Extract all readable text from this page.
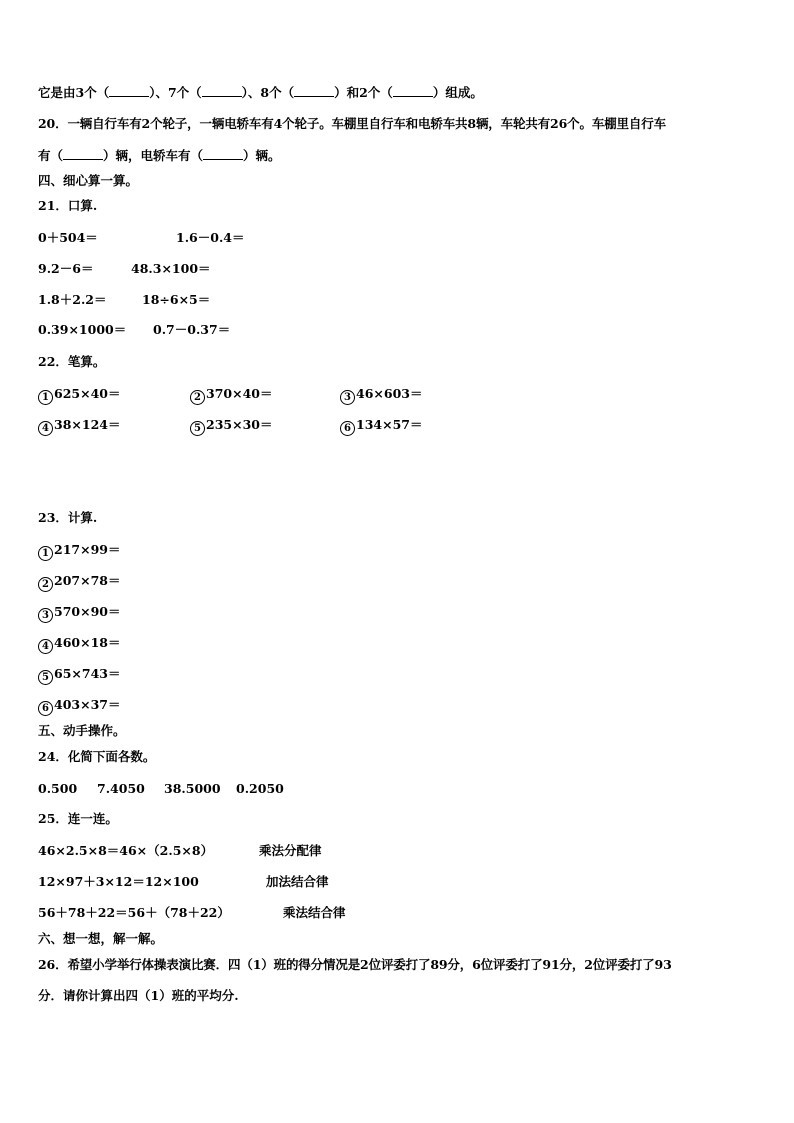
它是由3个（	）、7个（	）、8个（	）和2个（	）组成。
20．一辆自行车有2个轮子，一辆电轿车有4个轮子。车棚里自行车和电轿车共8辆，车轮共有26个。车棚里自行车
有（	）辆，电轿车有（	）辆。
四、细心算一算。
21．口算.
0＋504＝	1.6－0.4＝
9.2－6＝	48.3×100＝
1.8＋2.2＝	18÷6×5＝
0.39×1000＝ 0.7－0.37＝
22．笔算。
1 625×40＝	2 370×40＝	3 46×603＝
4 38×124＝	5 235×30＝	6 134×57＝
23．计算.
1 217×99＝
2 207×78＝
3 570×90＝
4 460×18＝
5 65×743＝
6 403×37＝
五、动手操作。
24．化简下面各数。
0.500 7.4050 38.5000 0.2050
25．连一连。
46×2.5×8＝46×（2.5×8）	乘法分配律
12×97＋3×12＝12×100	加法结合律
56＋78＋22＝56＋（78＋22）	乘法结合律
六、想一想，解一解。
26．希望小学举行体操表演比赛．四（1）班的得分情况是2位评委打了89分，6位评委打了91分，2位评委打了93
分．请你计算出四（1）班的平均分.
